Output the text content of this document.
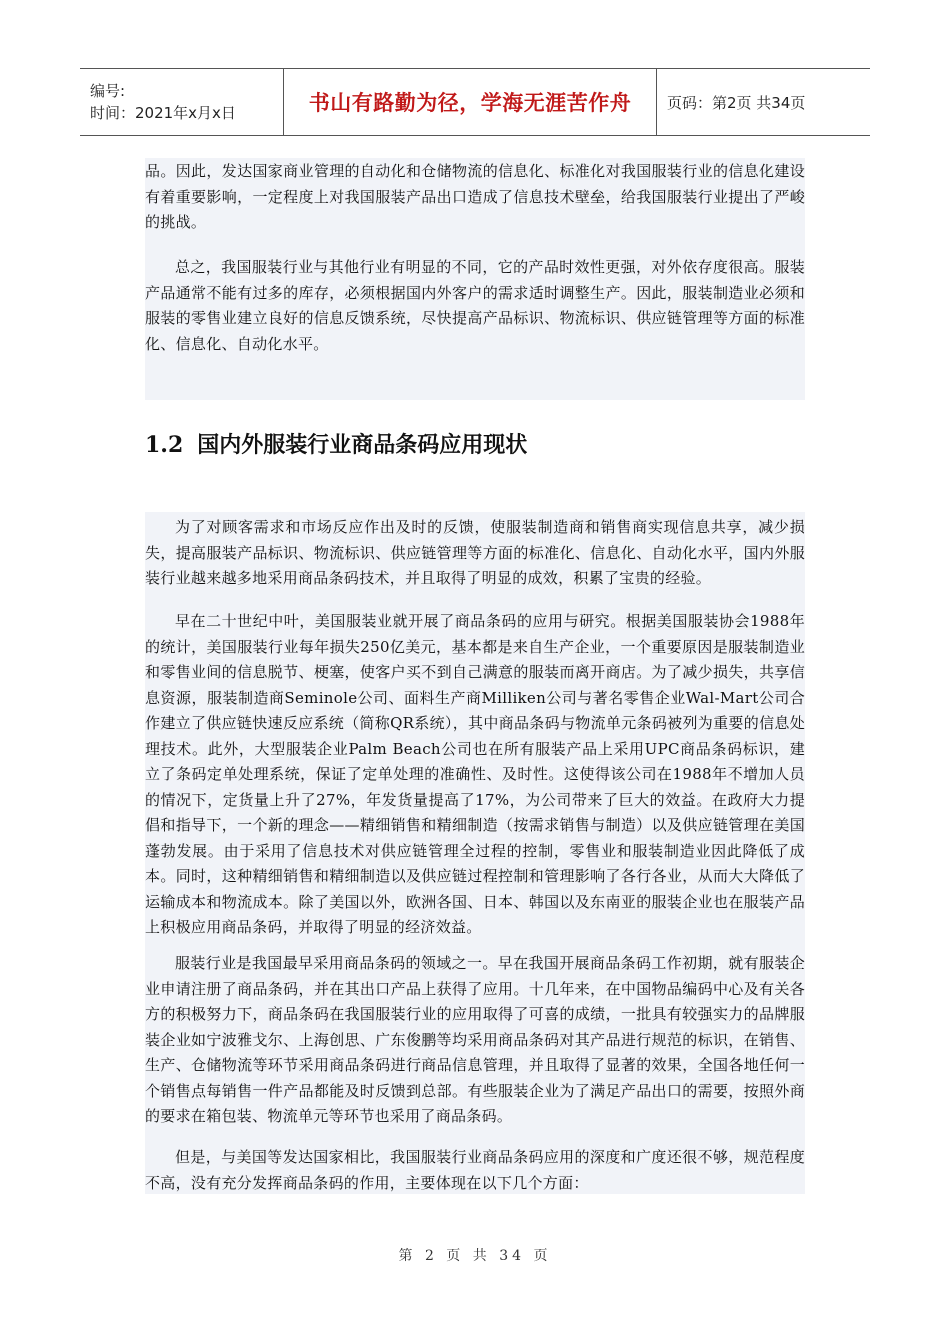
编号:
时间：2021年x月x日	书山有路勤为径，学海无涯苦作舟 页码：第2页 共34页

品。因此，发达国家商业管理的自动化和仓储物流的信息化、标准化对我国服装行业的信息化建设有着重要影响，一定程度上对我国服装产品出口造成了信息技术壁垒，给我国服装行业提出了严峻的挑战。

总之，我国服装行业与其他行业有明显的不同，它的产品时效性更强，对外依存度很高。服装产品通常不能有过多的库存，必须根据国内外客户的需求适时调整生产。因此，服装制造业必须和服装的零售业建立良好的信息反馈系统，尽快提高产品标识、物流标识、供应链管理等方面的标准化、信息化、自动化水平。

1.2 国内外服装行业商品条码应用现状

为了对顾客需求和市场反应作出及时的反馈，使服装制造商和销售商实现信息共享，减少损失，提高服装产品标识、物流标识、供应链管理等方面的标准化、信息化、自动化水平，国内外服装行业越来越多地采用商品条码技术，并且取得了明显的成效，积累了宝贵的经验。

早在二十世纪中叶，美国服装业就开展了商品条码的应用与研究。根据美国服装协会1988年的统计，美国服装行业每年损失250亿美元，基本都是来自生产企业，一个重要原因是服装制造业和零售业间的信息脱节、梗塞，使客户买不到自己满意的服装而离开商店。为了减少损失，共享信息资源，服装制造商Seminole公司、面料生产商Milliken公司与著名零售企业Wal-Mart公司合作建立了供应链快速反应系统（简称QR系统），其中商品条码与物流单元条码被列为重要的信息处理技术。此外，大型服装企业Palm Beach公司也在所有服装产品上采用UPC商品条码标识，建立了条码定单处理系统，保证了定单处理的准确性、及时性。这使得该公司在1988年不增加人员的情况下，定货量上升了27%，年发货量提高了17%，为公司带来了巨大的效益。在政府大力提倡和指导下，一个新的理念——精细销售和精细制造（按需求销售与制造）以及供应链管理在美国蓬勃发展。由于采用了信息技术对供应链管理全过程的控制，零售业和服装制造业因此降低了成本。同时，这种精细销售和精细制造以及供应链过程控制和管理影响了各行各业，从而大大降低了运输成本和物流成本。除了美国以外，欧洲各国、日本、韩国以及东南亚的服装企业也在服装产品上积极应用商品条码，并取得了明显的经济效益。

服装行业是我国最早采用商品条码的领域之一。早在我国开展商品条码工作初期，就有服装企业申请注册了商品条码，并在其出口产品上获得了应用。十几年来，在中国物品编码中心及有关各方的积极努力下，商品条码在我国服装行业的应用取得了可喜的成绩，一批具有较强实力的品牌服装企业如宁波雅戈尔、上海创思、广东俊鹏等均采用商品条码对其产品进行规范的标识，在销售、生产、仓储物流等环节采用商品条码进行商品信息管理，并且取得了显著的效果，全国各地任何一个销售点每销售一件产品都能及时反馈到总部。有些服装企业为了满足产品出口的需要，按照外商的要求在箱包装、物流单元等环节也采用了商品条码。

但是，与美国等发达国家相比，我国服装行业商品条码应用的深度和广度还很不够，规范程度不高，没有充分发挥商品条码的作用，主要体现在以下几个方面：

第 2 页 共 34 页
